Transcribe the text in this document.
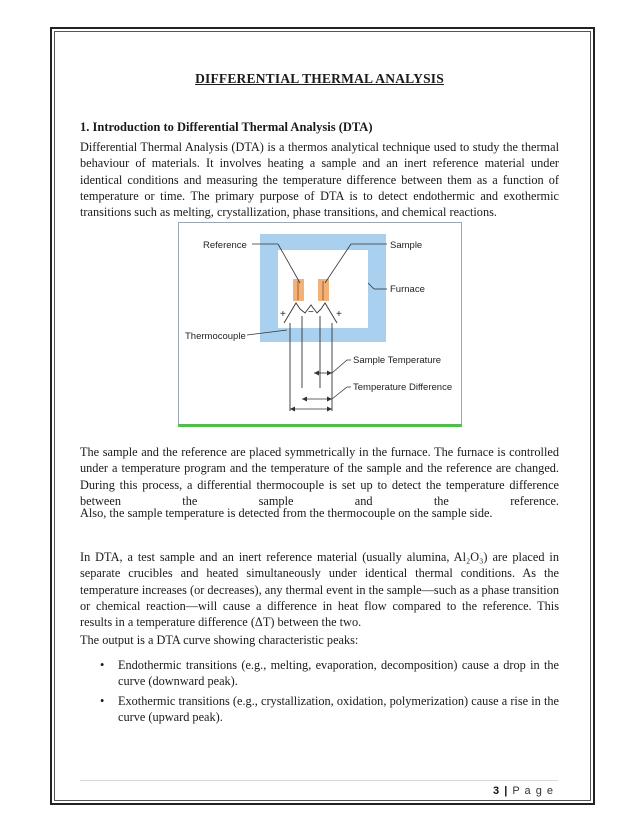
DIFFERENTIAL THERMAL ANALYSIS
1. Introduction to Differential Thermal Analysis (DTA)

Differential Thermal Analysis (DTA) is a thermos analytical technique used to study the thermal behaviour of materials. It involves heating a sample and an inert reference material under identical conditions and measuring the temperature difference between them as a function of temperature or time. The primary purpose of DTA is to detect endothermic and exothermic transitions such as melting, crystallization, phase transitions, and chemical reactions.

Reference	Sample
Furnace
+ − +
Thermocouple
Sample Temperature
Temperature Difference

The sample and the reference are placed symmetrically in the furnace. The furnace is controlled under a temperature program and the temperature of the sample and the reference are changed. During this process, a differential thermocouple is set up to detect the temperature difference between the sample and the reference.

Also, the sample temperature is detected from the thermocouple on the sample side.

In DTA, a test sample and an inert reference material (usually alumina, Al₂O₃) are placed in separate crucibles and heated simultaneously under identical thermal conditions. As the temperature increases (or decreases), any thermal event in the sample—such as a phase transition or chemical reaction—will cause a difference in heat flow compared to the reference. This results in a temperature difference (ΔT) between the two.

The output is a DTA curve showing characteristic peaks:

• Endothermic transitions (e.g., melting, evaporation, decomposition) cause a drop in the curve (downward peak).
• Exothermic transitions (e.g., crystallization, oxidation, polymerization) cause a rise in the curve (upward peak).
3 | P a g e
